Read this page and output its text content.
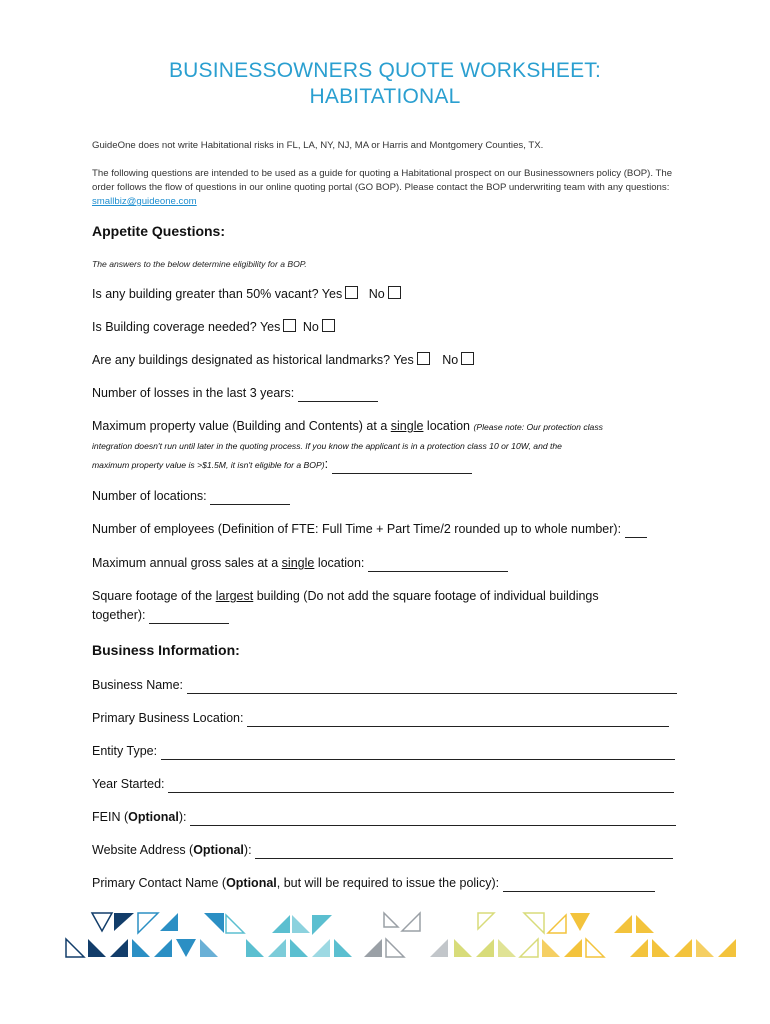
BUSINESSOWNERS QUOTE WORKSHEET:
HABITATIONAL
GuideOne does not write Habitational risks in FL, LA, NY, NJ, MA or Harris and Montgomery Counties, TX.
The following questions are intended to be used as a guide for quoting a Habitational prospect on our Businessowners policy (BOP). The order follows the flow of questions in our online quoting portal (GO BOP). Please contact the BOP underwriting team with any questions: smallbiz@guideone.com
Appetite Questions:
The answers to the below determine eligibility for a BOP.
Is any building greater than 50% vacant? Yes No
Is Building coverage needed? Yes No
Are any buildings designated as historical landmarks? Yes No
Number of losses in the last 3 years:
Maximum property value (Building and Contents) at a single location (Please note: Our protection class
integration doesn't run until later in the quoting process. If you know the applicant is in a protection class 10 or 10W, and the
maximum property value is >$1.5M, it isn't eligible for a BOP):
Number of locations:
Number of employees (Definition of FTE: Full Time + Part Time/2 rounded up to whole number):
Maximum annual gross sales at a single location:
Square footage of the largest building (Do not add the square footage of individual buildings
together):
Business Information:
Business Name:
Primary Business Location:
Entity Type:
Year Started:
FEIN (Optional):
Website Address (Optional):
Primary Contact Name (Optional, but will be required to issue the policy):
